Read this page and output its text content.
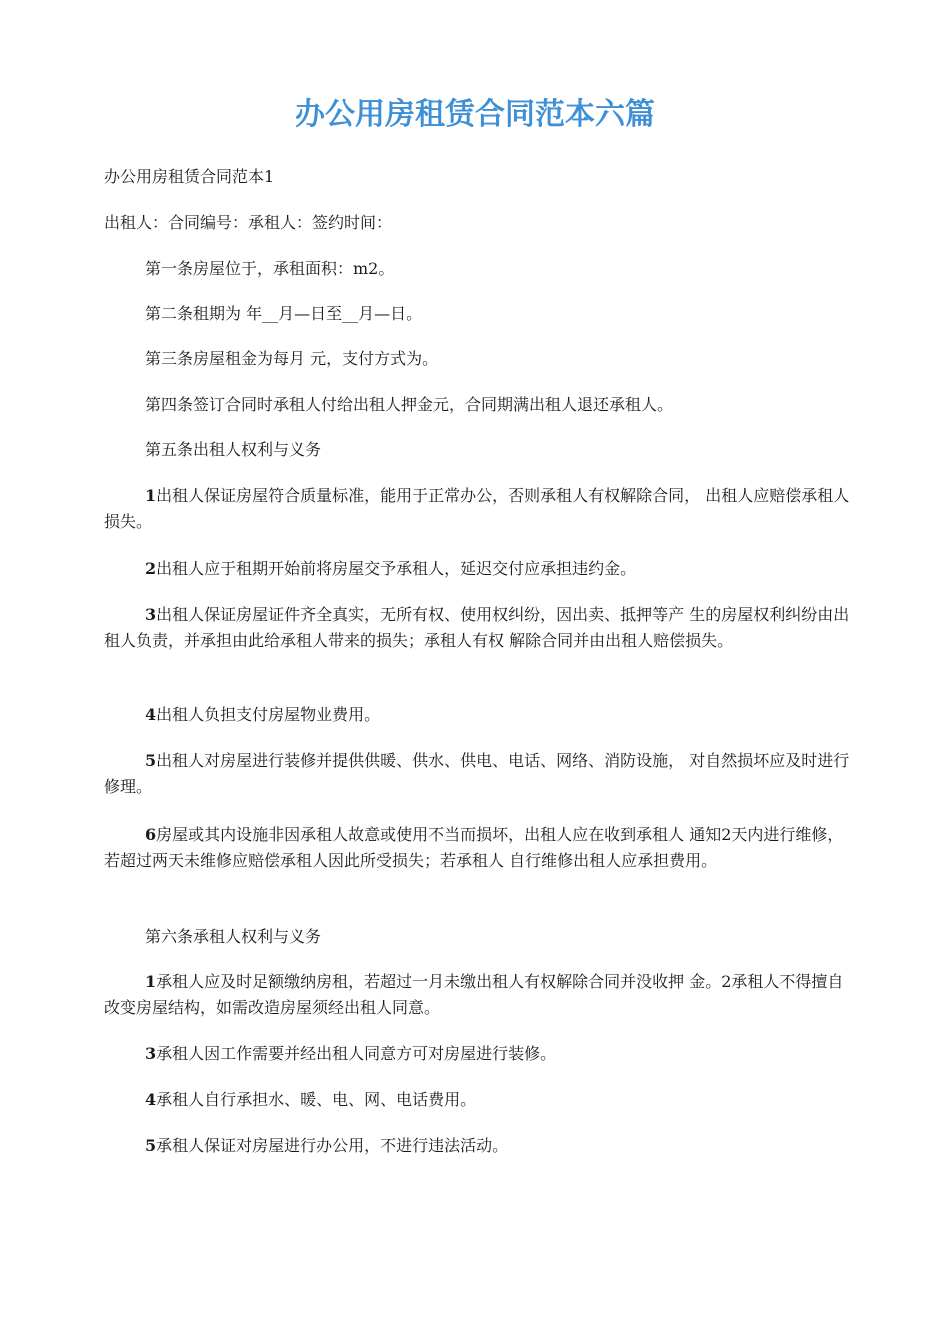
办公用房租赁合同范本六篇

办公用房租赁合同范本1

出租人：合同编号：承租人：签约时间：

第一条房屋位于，承租面积：m2。

第二条租期为 年__月—日至__月—日。

第三条房屋租金为每月 元，支付方式为。

第四条签订合同时承租人付给出租人押金元，合同期满出租人退还承租人。

第五条出租人权利与义务

1出租人保证房屋符合质量标准，能用于正常办公，否则承租人有权解除合同， 出租人应赔偿承租人损失。

2出租人应于租期开始前将房屋交予承租人，延迟交付应承担违约金。

3出租人保证房屋证件齐全真实，无所有权、使用权纠纷，因出卖、抵押等产 生的房屋权利纠纷由出租人负责，并承担由此给承租人带来的损失；承租人有权 解除合同并由出租人赔偿损失。

4出租人负担支付房屋物业费用。

5出租人对房屋进行装修并提供供暖、供水、供电、电话、网络、消防设施， 对自然损坏应及时进行修理。

6房屋或其内设施非因承租人故意或使用不当而损坏，出租人应在收到承租人 通知2天内进行维修，若超过两天未维修应赔偿承租人因此所受损失；若承租人 自行维修出租人应承担费用。

第六条承租人权利与义务

1承租人应及时足额缴纳房租，若超过一月未缴出租人有权解除合同并没收押 金。2承租人不得擅自改变房屋结构，如需改造房屋须经出租人同意。

3承租人因工作需要并经出租人同意方可对房屋进行装修。

4承租人自行承担水、暖、电、网、电话费用。

5承租人保证对房屋进行办公用，不进行违法活动。
